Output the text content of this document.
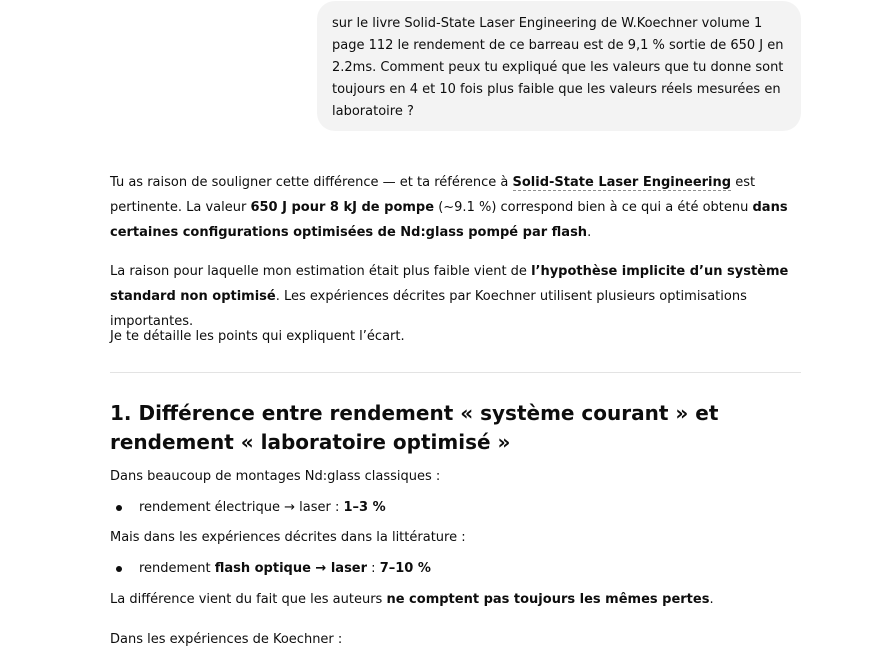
sur le livre Solid-State Laser Engineering de W.Koechner volume 1 page 112 le rendement de ce barreau est de 9,1 % sortie de 650 J en 2.2ms. Comment peux tu expliqué que les valeurs que tu donne sont toujours en 4 et 10 fois plus faible que les valeurs réels mesurées en laboratoire ?

Tu as raison de souligner cette différence — et ta référence à Solid-State Laser Engineering est pertinente. La valeur 650 J pour 8 kJ de pompe (~9.1 %) correspond bien à ce qui a été obtenu dans certaines configurations optimisées de Nd:glass pompé par flash.

La raison pour laquelle mon estimation était plus faible vient de l’hypothèse implicite d’un système standard non optimisé. Les expériences décrites par Koechner utilisent plusieurs optimisations importantes.

Je te détaille les points qui expliquent l’écart.

1. Différence entre rendement « système courant » et rendement « laboratoire optimisé »

Dans beaucoup de montages Nd:glass classiques :

rendement électrique → laser : 1–3 %

Mais dans les expériences décrites dans la littérature :

rendement flash optique → laser : 7–10 %

La différence vient du fait que les auteurs ne comptent pas toujours les mêmes pertes.

Dans les expériences de Koechner :
